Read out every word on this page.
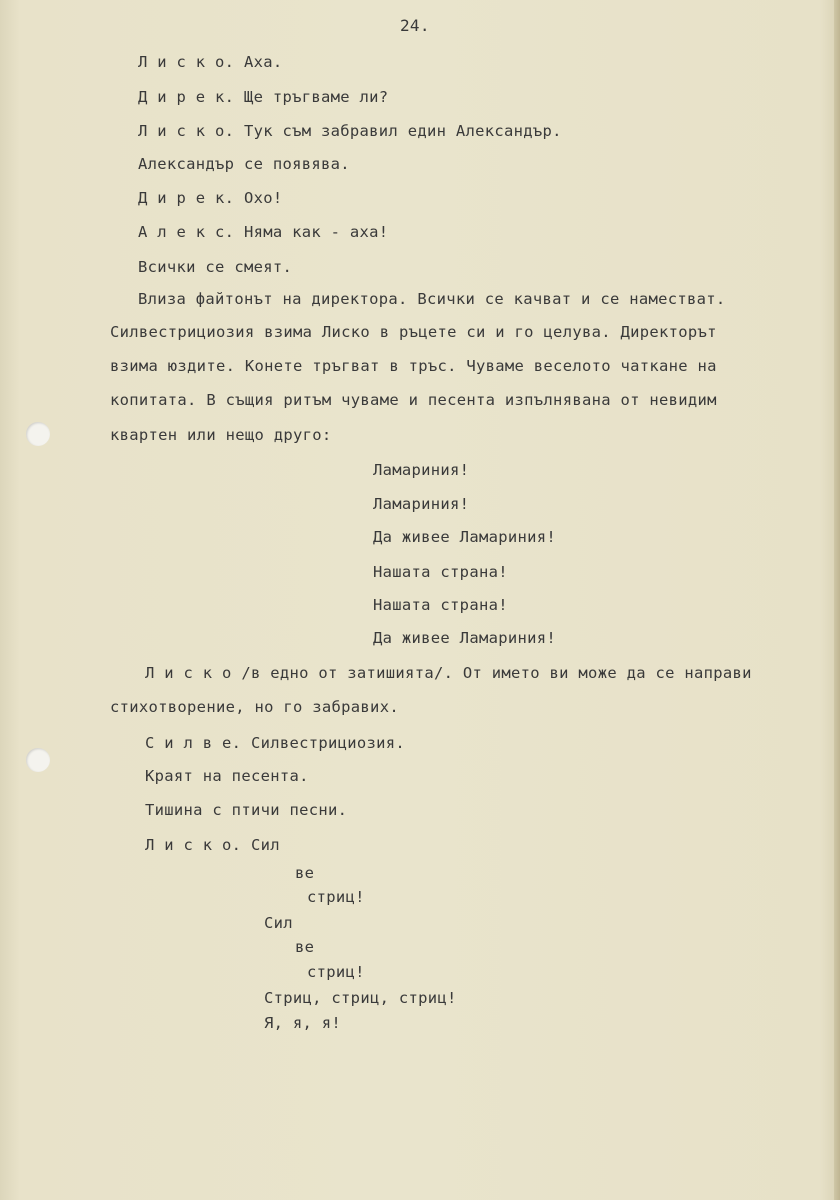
24.
Л и с к о. Аха.
Д и р е к. Ще тръгваме ли?
Л и с к о. Тук съм забравил един Александър.
Александър се появява.
Д и р е к. Охо!
А л е к с. Няма как - аха!
Всички се смеят.
Влиза файтонът на директора. Всички се качват и се наместват.
Силвестрициозия взима Лиско в ръцете си и го целува. Директорът
взима юздите. Конете тръгват в тръс. Чуваме веселото чаткане на
копитата. В същия ритъм чуваме и песента изпълнявана от невидим
квартен или нещо друго:
Ламариния!
Ламариния!
Да живее Ламариния!
Нашата страна!
Нашата страна!
Да живее Ламариния!
Л и с к о /в едно от затишията/. От името ви може да се направи
стихотворение, но го забравих.
С и л в е. Силвестрициозия.
Краят на песента.
Тишина с птичи песни.
Л и с к о. Сил
ве
стриц!
Сил
ве
стриц!
Стриц, стриц, стриц!
Я, я, я!
